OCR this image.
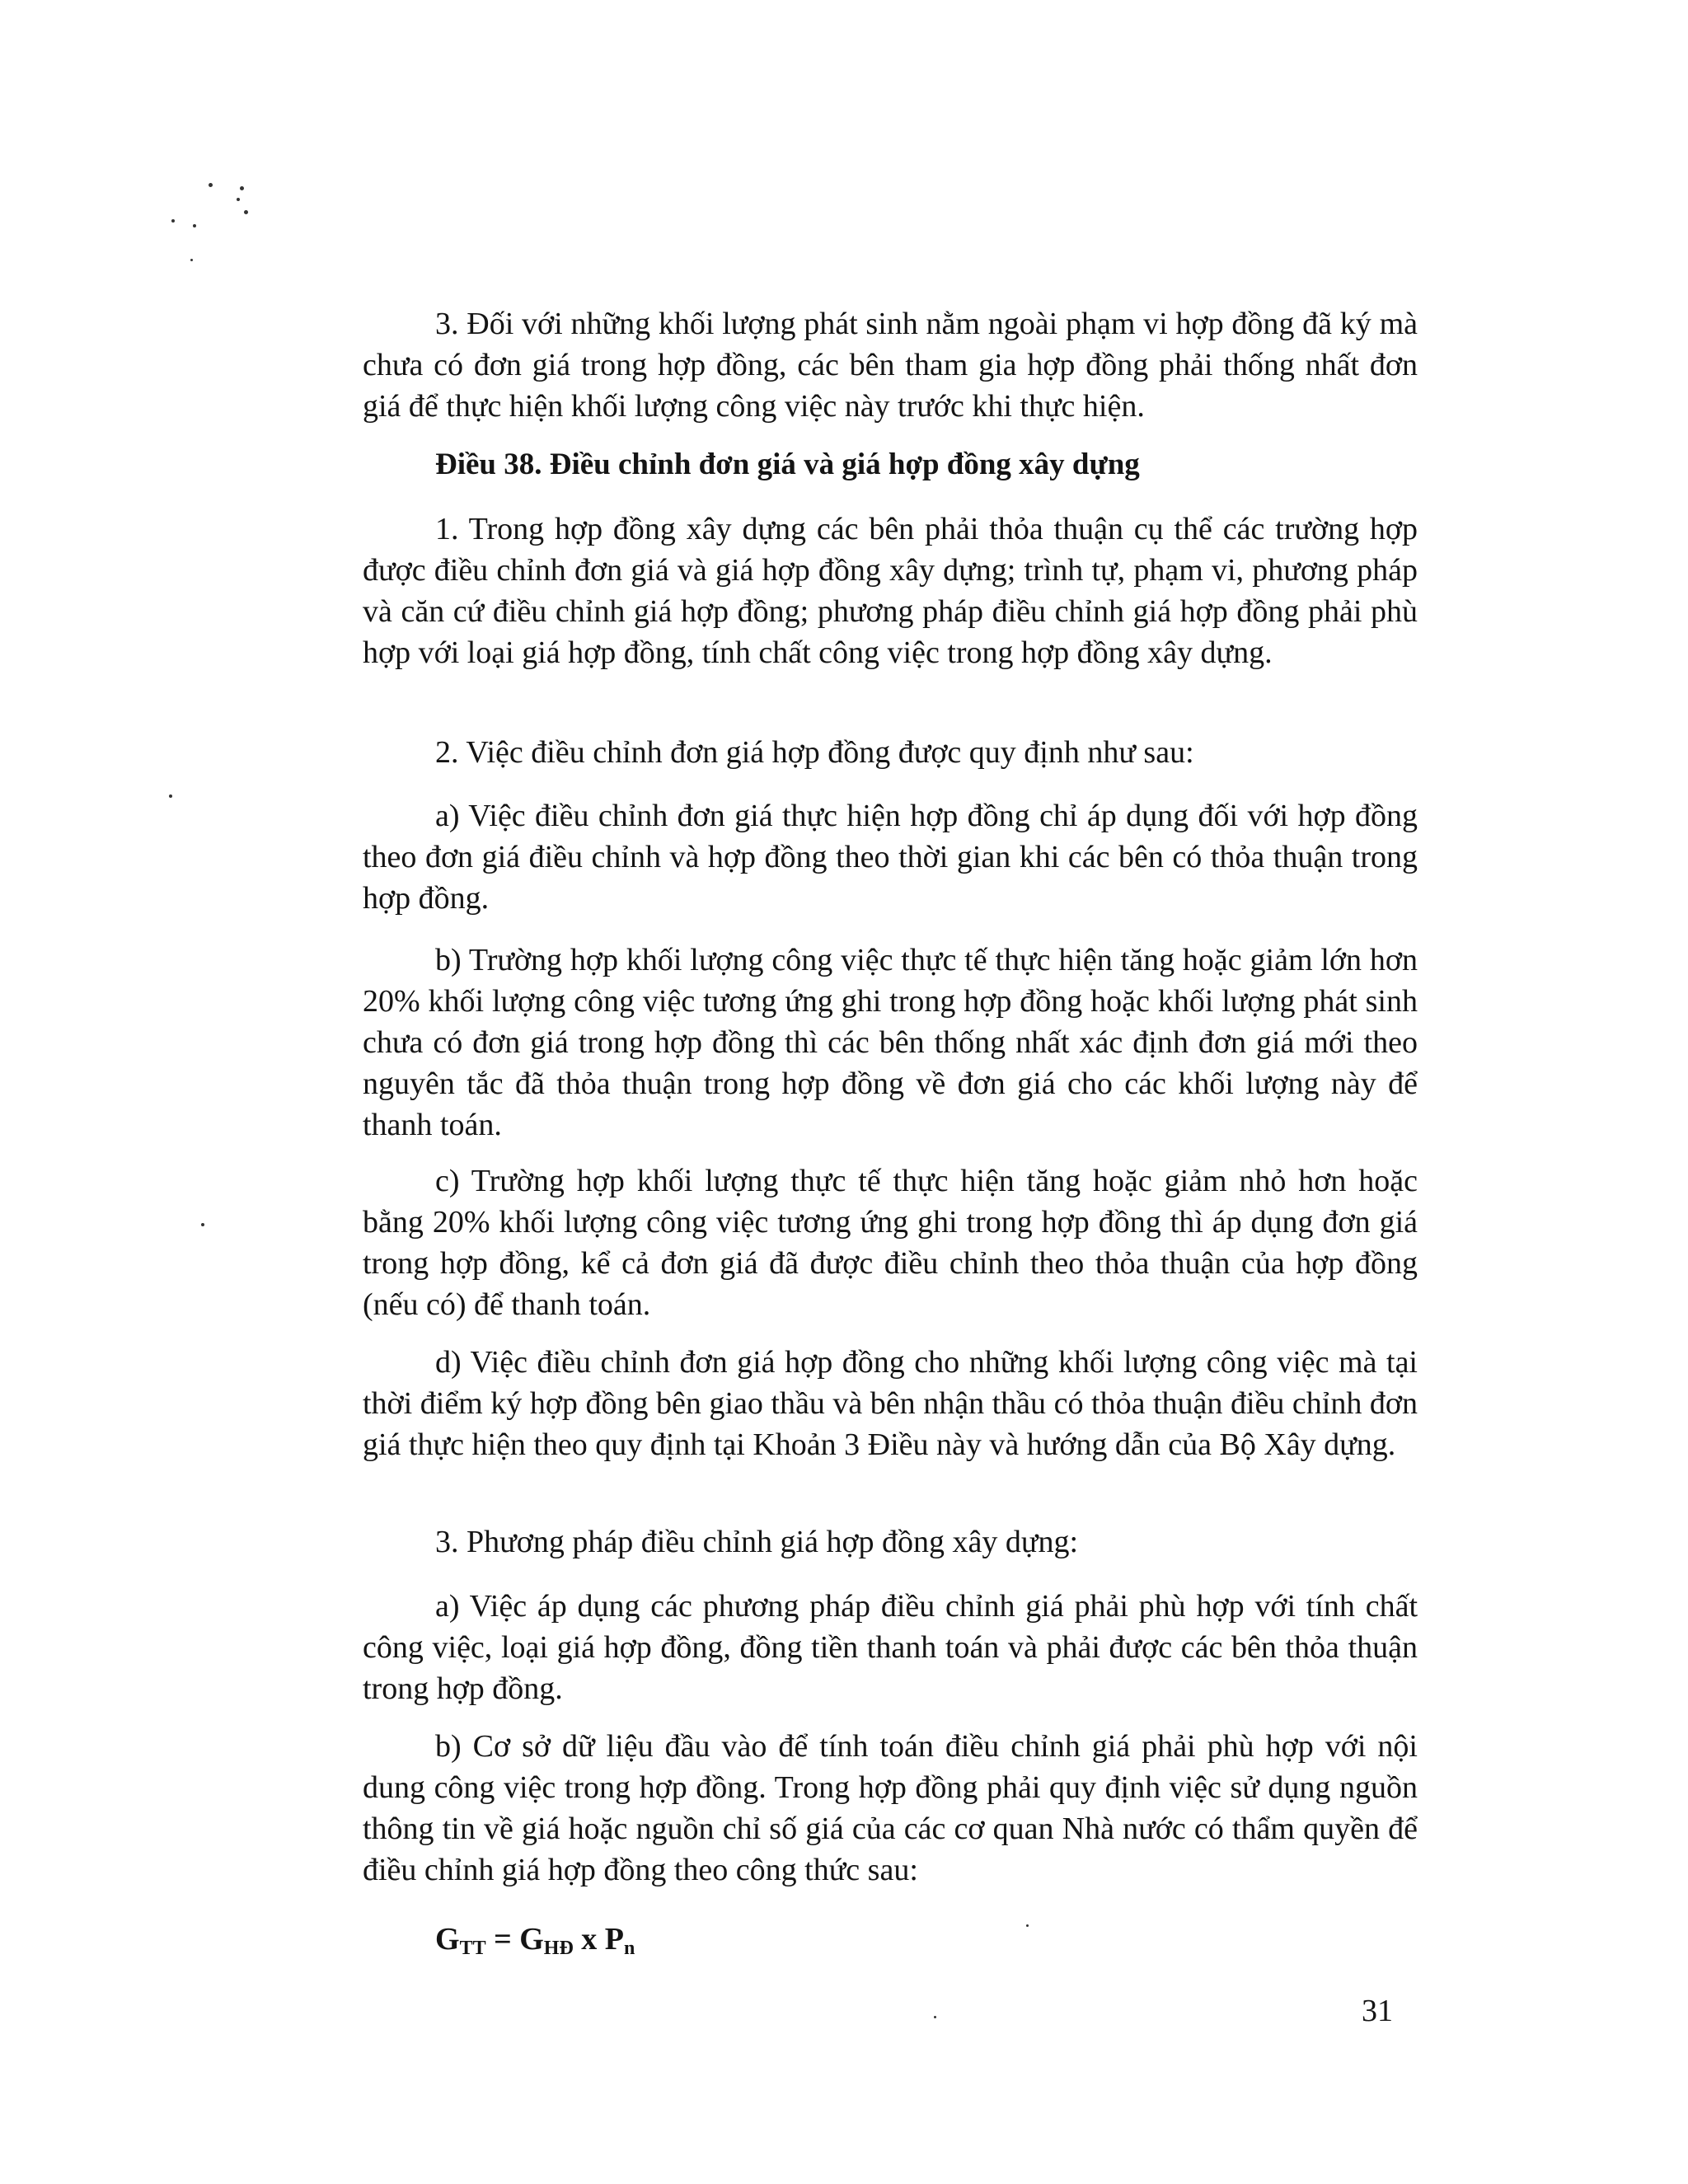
3. Đối với những khối lượng phát sinh nằm ngoài phạm vi hợp đồng đã ký mà chưa có đơn giá trong hợp đồng, các bên tham gia hợp đồng phải thống nhất đơn giá để thực hiện khối lượng công việc này trước khi thực hiện.

Điều 38. Điều chỉnh đơn giá và giá hợp đồng xây dựng

1. Trong hợp đồng xây dựng các bên phải thỏa thuận cụ thể các trường hợp được điều chỉnh đơn giá và giá hợp đồng xây dựng; trình tự, phạm vi, phương pháp và căn cứ điều chỉnh giá hợp đồng; phương pháp điều chỉnh giá hợp đồng phải phù hợp với loại giá hợp đồng, tính chất công việc trong hợp đồng xây dựng.

2. Việc điều chỉnh đơn giá hợp đồng được quy định như sau:

a) Việc điều chỉnh đơn giá thực hiện hợp đồng chỉ áp dụng đối với hợp đồng theo đơn giá điều chỉnh và hợp đồng theo thời gian khi các bên có thỏa thuận trong hợp đồng.

b) Trường hợp khối lượng công việc thực tế thực hiện tăng hoặc giảm lớn hơn 20% khối lượng công việc tương ứng ghi trong hợp đồng hoặc khối lượng phát sinh chưa có đơn giá trong hợp đồng thì các bên thống nhất xác định đơn giá mới theo nguyên tắc đã thỏa thuận trong hợp đồng về đơn giá cho các khối lượng này để thanh toán.

c) Trường hợp khối lượng thực tế thực hiện tăng hoặc giảm nhỏ hơn hoặc bằng 20% khối lượng công việc tương ứng ghi trong hợp đồng thì áp dụng đơn giá trong hợp đồng, kể cả đơn giá đã được điều chỉnh theo thỏa thuận của hợp đồng (nếu có) để thanh toán.

d) Việc điều chỉnh đơn giá hợp đồng cho những khối lượng công việc mà tại thời điểm ký hợp đồng bên giao thầu và bên nhận thầu có thỏa thuận điều chỉnh đơn giá thực hiện theo quy định tại Khoản 3 Điều này và hướng dẫn của Bộ Xây dựng.

3. Phương pháp điều chỉnh giá hợp đồng xây dựng:

a) Việc áp dụng các phương pháp điều chỉnh giá phải phù hợp với tính chất công việc, loại giá hợp đồng, đồng tiền thanh toán và phải được các bên thỏa thuận trong hợp đồng.

b) Cơ sở dữ liệu đầu vào để tính toán điều chỉnh giá phải phù hợp với nội dung công việc trong hợp đồng. Trong hợp đồng phải quy định việc sử dụng nguồn thông tin về giá hoặc nguồn chỉ số giá của các cơ quan Nhà nước có thẩm quyền để điều chỉnh giá hợp đồng theo công thức sau:

$G_{TT} = G_{HĐ}$ x $P_n$

31
